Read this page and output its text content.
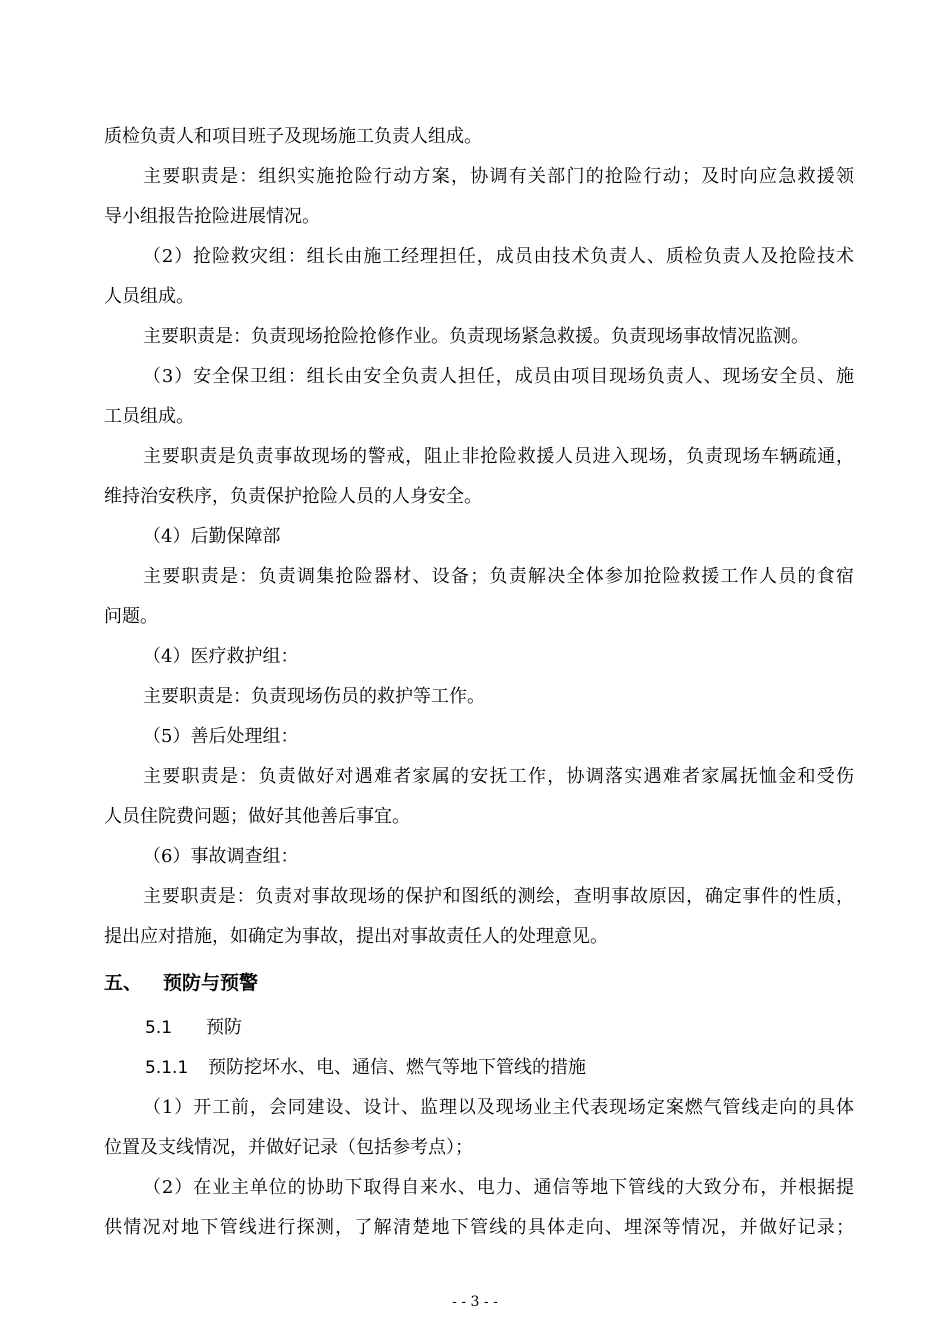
质检负责人和项目班子及现场施工负责人组成。
主要职责是：组织实施抢险行动方案，协调有关部门的抢险行动；及时向应急救援领
导小组报告抢险进展情况。
（2）抢险救灾组：组长由施工经理担任，成员由技术负责人、质检负责人及抢险技术
人员组成。
主要职责是：负责现场抢险抢修作业。负责现场紧急救援。负责现场事故情况监测。
（3）安全保卫组：组长由安全负责人担任，成员由项目现场负责人、现场安全员、施
工员组成。
主要职责是负责事故现场的警戒，阻止非抢险救援人员进入现场，负责现场车辆疏通，
维持治安秩序，负责保护抢险人员的人身安全。
（4）后勤保障部
主要职责是：负责调集抢险器材、设备；负责解决全体参加抢险救援工作人员的食宿
问题。
（4）医疗救护组：
主要职责是：负责现场伤员的救护等工作。
（5）善后处理组：
主要职责是：负责做好对遇难者家属的安抚工作，协调落实遇难者家属抚恤金和受伤
人员住院费问题；做好其他善后事宜。
（6）事故调查组：
主要职责是：负责对事故现场的保护和图纸的测绘，查明事故原因，确定事件的性质，
提出应对措施，如确定为事故，提出对事故责任人的处理意见。
五、 预防与预警
5.1 预防
5.1.1 预防挖坏水、电、通信、燃气等地下管线的措施
（1）开工前，会同建设、设计、监理以及现场业主代表现场定案燃气管线走向的具体
位置及支线情况，并做好记录（包括参考点）；
（2）在业主单位的协助下取得自来水、电力、通信等地下管线的大致分布，并根据提
供情况对地下管线进行探测，了解清楚地下管线的具体走向、埋深等情况，并做好记录；
- - 3 - -
